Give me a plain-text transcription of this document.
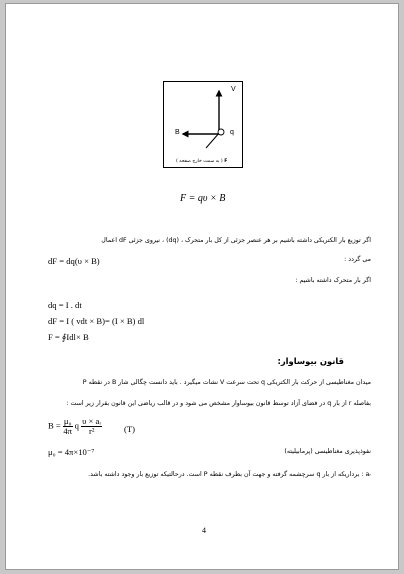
V
B	q
F ( به سمت خارج صفحه )
F = qυ × B
اگر توزیع بار الکتریکی داشته باشیم بر هر عنصر جزئی از کل بار متحرک ، (dq) ، نیروی جزئی dF اعمال
می گردد :
dF = dq(υ × B)
اگر بار متحرک داشته باشیم :
dq = I . dt
dF = I ( vdt × B)= (I × B) dl
F = ∮Idl× B
قانون بیوساوار:
میدان مغناطیسی از حرکت بار الکتریکی q تحت سرعت V نشات میگیرد . باید دانست چگالی شار B در نقطه P
بفاصله r از بار q در فضای آزاد توسط قانون بیوساوار مشخص می شود و در قالب ریاضی این قانون بقرار زیر است :
$B = \frac{\text{μ₀}}{4\pi}$ q $\frac{\text{υ × aᵣ}}{\text{r²}}$	(T)
μ₀ = 4π×10⁻⁷	نفوذپذیری مغناطیسی (پرمابیلیته)
aᵣ : برداریکه از بار q سرچشمه گرفته و جهت آن بطرف نقطه P است. درحالتیکه توزیع بار وجود داشته باشد.
4
